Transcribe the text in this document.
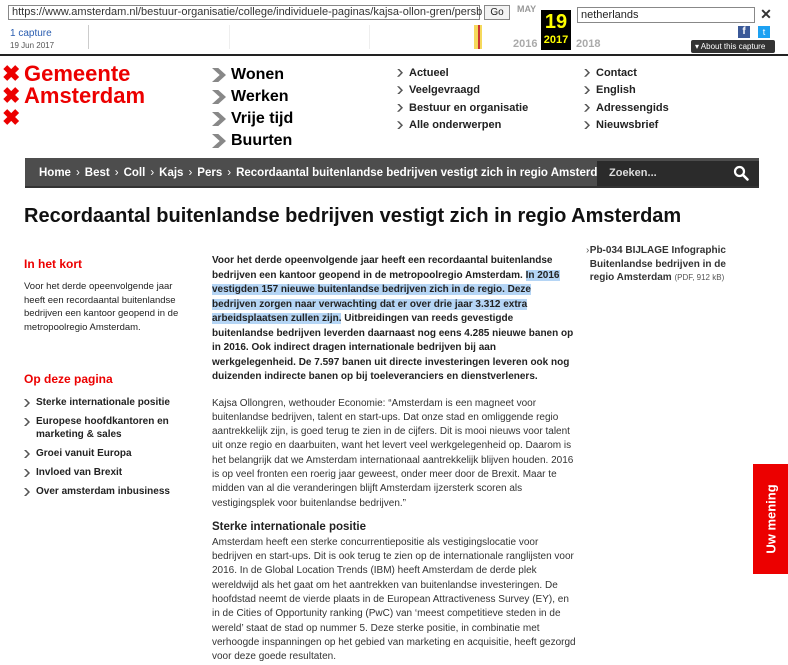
https://www.amsterdam.nl/bestuur-organisatie/college/individuele-paginas/kajsa-ollon-gren/persb Go	MAY
2016
19
2017 2018
netherlands	✕
f	t
▾ About this capture
1 capture
19 Jun 2017
✖
✖
✖
Gemeente
Amsterdam
Wonen
Werken
Vrije tijd
Buurten
Actueel
Veelgevraagd
Bestuur en organisatie
Alle onderwerpen
Contact
English
Adressengids
Nieuwsbrief
Home › Best › Coll › Kajs › Pers › Recordaantal buitenlandse bedrijven vestigt zich in regio Amsterd Zoeken...
Recordaantal buitenlandse bedrijven vestigt zich in regio Amsterdam
In het kort
Voor het derde opeenvolgende jaar heeft een recordaantal buitenlandse bedrijven een kantoor geopend in de metropoolregio Amsterdam.
Op deze pagina
Sterke internationale positie
Europese hoofdkantoren en marketing & sales
Groei vanuit Europa
Invloed van Brexit
Over amsterdam inbusiness

Voor het derde opeenvolgende jaar heeft een recordaantal buitenlandse bedrijven een kantoor geopend in de metropoolregio Amsterdam. In 2016 vestigden 157 nieuwe buitenlandse bedrijven zich in de regio. Deze bedrijven zorgen naar verwachting dat er over drie jaar 3.312 extra arbeidsplaatsen zullen zijn. Uitbreidingen van reeds gevestigde buitenlandse bedrijven leverden daarnaast nog eens 4.285 nieuwe banen op in 2016. Ook indirect dragen internationale bedrijven bij aan werkgelegenheid. De 7.597 banen uit directe investeringen leveren ook nog duizenden indirecte banen op bij toeleveranciers en dienstverleners.

Kajsa Ollongren, wethouder Economie: “Amsterdam is een magneet voor buitenlandse bedrijven, talent en start-ups. Dat onze stad en omliggende regio aantrekkelijk zijn, is goed terug te zien in de cijfers. Dit is mooi nieuws voor talent uit onze regio en daarbuiten, want het levert veel werkgelegenheid op. Daarom is het belangrijk dat we Amsterdam internationaal aantrekkelijk blijven houden. 2016 is op veel fronten een roerig jaar geweest, onder meer door de Brexit. Maar te midden van al die veranderingen blijft Amsterdam ijzersterk scoren als vestigingsplek voor buitenlandse bedrijven.”

Sterke internationale positie

Amsterdam heeft een sterke concurrentiepositie als vestigingslocatie voor bedrijven en start-ups. Dit is ook terug te zien op de internationale ranglijsten voor 2016. In de Global Location Trends (IBM) heeft Amsterdam de derde plek wereldwijd als het gaat om het aantrekken van buitenlandse investeringen. De hoofdstad neemt de vierde plaats in de European Attractiveness Survey (EY), en in de Cities of Opportunity ranking (PwC) van ‘meest competitieve steden in de wereld’ staat de stad op nummer 5. Deze sterke positie, in combinatie met verhoogde inspanningen op het gebied van marketing en acquisitie, heeft gezorgd voor deze goede resultaten.

› Pb-034 BIJLAGE Infographic Buitenlandse bedrijven in de regio Amsterdam (PDF, 912 kB)
Uw mening
